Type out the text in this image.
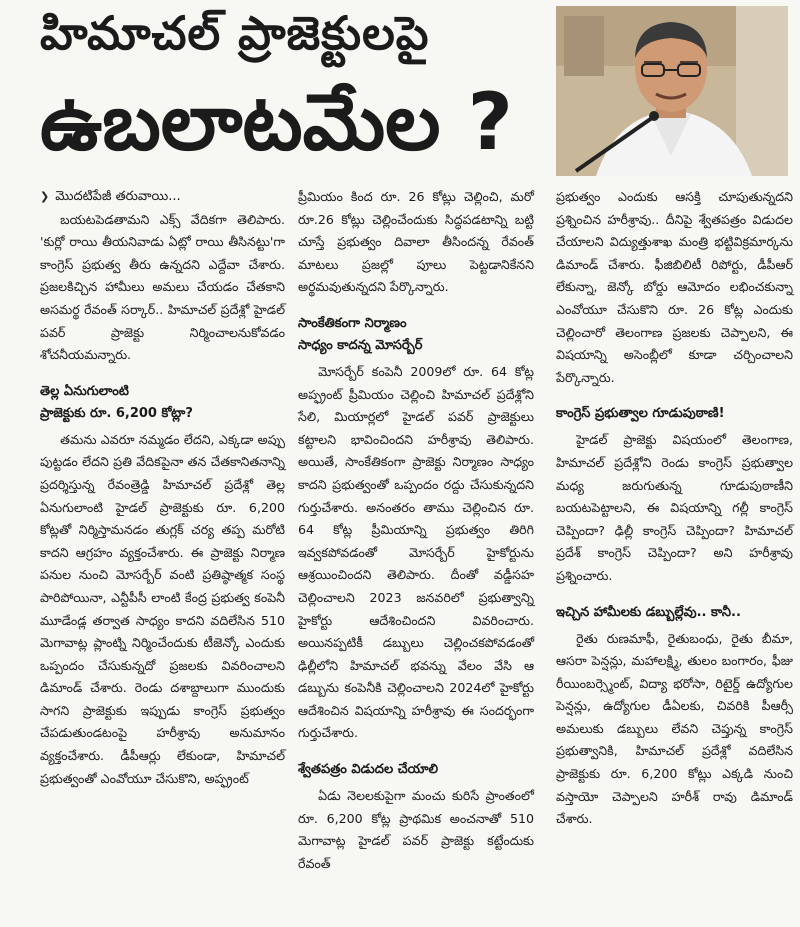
హిమాచల్ ప్రాజెక్టులపై
ఉబలాటమేల ?
❯ మొదటిపేజీ తరువాయి...

బయటపెడతామని ఎక్స్ వేదికగా తెలిపారు. 'కుర్లో రాయి తీయనివాడు ఏట్లో రాయి తీసినట్టు'గా కాంగ్రెస్ ప్రభుత్వ తీరు ఉన్నదని ఎద్దేవా చేశారు. ప్రజలకిచ్చిన హామీలు అమలు చేయడం చేతకాని అసమర్థ రేవంత్ సర్కార్.. హిమాచల్ ప్రదేశ్లో హైడల్ పవర్ ప్రాజెక్టు నిర్మించాలనుకోవడం శోచనీయమన్నారు.

తెల్ల ఏనుగులాంటి
ప్రాజెక్టుకు రూ. 6,200 కోట్లా?

తమను ఎవరూ నమ్మడం లేదని, ఎక్కడా అప్పు పుట్టడం లేదని ప్రతి వేదికపైనా తన చేతకానితనాన్ని ప్రదర్శిస్తున్న రేవంత్రెడ్డి హిమాచల్ ప్రదేశ్లో తెల్ల ఏనుగులాంటి హైడల్ ప్రాజెక్టుకు రూ. 6,200 కోట్లతో నిర్మిస్తామనడం తుగ్లక్ చర్య తప్ప మరోటి కాదని ఆగ్రహం వ్యక్తంచేశారు. ఈ ప్రాజెక్టు నిర్మాణ పనుల నుంచి మోసర్బేర్ వంటి ప్రతిష్ఠాత్మక సంస్థ పారిపోయినా, ఎన్టీపీసీ లాంటి కేంద్ర ప్రభుత్వ కంపెనీ మూడేండ్ల తర్వాత సాధ్యం కాదని వదిలేసిన 510 మెగావాట్ల ప్లాంట్ని నిర్మించేందుకు టీజెన్కో ఎందుకు ఒప్పందం చేసుకున్నదో ప్రజలకు వివరించాలని డిమాండ్ చేశారు. రెండు దశాబ్దాలుగా ముందుకు సాగని ప్రాజెక్టుకు ఇప్పుడు కాంగ్రెస్ ప్రభుత్వం చేపడుతుండటంపై హరీశ్రావు అనుమానం వ్యక్తంచేశారు. డీపీఆర్లు లేకుండా, హిమాచల్ ప్రభుత్వంతో ఎంవోయూ చేసుకొని, అప్ఫ్రంట్

ప్రీమియం కింద రూ. 26 కోట్లు చెల్లించి, మరో రూ.26 కోట్లు చెల్లించేందుకు సిద్ధపడటాన్ని బట్టి చూస్తే ప్రభుత్వం దివాలా తీసిందన్న రేవంత్ మాటలు ప్రజల్లో పూలు పెట్టడానికేనని అర్థమవుతున్నదని పేర్కొన్నారు.

సాంకేతికంగా నిర్మాణం
సాధ్యం కాదన్న మోసర్బేర్

మోసర్బేర్ కంపెనీ 2009లో రూ. 64 కోట్ల అప్ఫ్రంట్ ప్రీమియం చెల్లించి హిమాచల్ ప్రదేశ్లోని సేలి, మియార్లలో హైడల్ పవర్ ప్రాజెక్టులు కట్టాలని భావించిందని హరీశ్రావు తెలిపారు. అయితే, సాంకేతికంగా ప్రాజెక్టు నిర్మాణం సాధ్యం కాదని ప్రభుత్వంతో ఒప్పందం రద్దు చేసుకున్నదని గుర్తుచేశారు. అనంతరం తాము చెల్లించిన రూ. 64 కోట్ల ప్రీమియాన్ని ప్రభుత్వం తిరిగి ఇవ్వకపోవడంతో మోసర్బేర్ హైకోర్టును ఆశ్రయించిందని తెలిపారు. దీంతో వడ్డీసహ చెల్లించాలని 2023 జనవరిలో ప్రభుత్వాన్ని హైకోర్టు ఆదేశించిందని వివరించారు. అయినప్పటికీ డబ్బులు చెల్లించకపోవడంతో ఢిల్లీలోని హిమాచల్ భవన్ను వేలం వేసి ఆ డబ్బును కంపెనీకి చెల్లించాలని 2024లో హైకోర్టు ఆదేశించిన విషయాన్ని హరీశ్రావు ఈ సందర్భంగా గుర్తుచేశారు.

శ్వేతపత్రం విడుదల చేయాలి

ఏడు నెలలకుపైగా మంచు కురిసే ప్రాంతంలో రూ. 6,200 కోట్ల ప్రాథమిక అంచనాతో 510 మెగావాట్ల హైడల్ పవర్ ప్రాజెక్టు కట్టేందుకు రేవంత్

ప్రభుత్వం ఎందుకు ఆసక్తి చూపుతున్నదని ప్రశ్నించిన హరీశ్రావు.. దీనిపై శ్వేతపత్రం విడుదల చేయాలని విద్యుత్తుశాఖ మంత్రి భట్టివిక్రమార్కను డిమాండ్ చేశారు. ఫీజిబిలిటీ రిపోర్టు, డీపీఆర్ లేకున్నా, జెన్కో బోర్డు ఆమోదం లభించకున్నా ఎంవోయూ చేసుకొని రూ. 26 కోట్ల ఎందుకు చెల్లించారో తెలంగాణ ప్రజలకు చెప్పాలని, ఈ విషయాన్ని అసెంబ్లీలో కూడా చర్చించాలని పేర్కొన్నారు.

కాంగ్రెస్ ప్రభుత్వాల గూడుపుఠాణి!

హైడల్ ప్రాజెక్టు విషయంలో తెలంగాణ, హిమాచల్ ప్రదేశ్లోని రెండు కాంగ్రెస్ ప్రభుత్వాల మధ్య జరుగుతున్న గూడుపుఠాణీని బయటపెట్టాలని, ఈ విషయాన్ని గల్లీ కాంగ్రెస్ చెప్పిందా? ఢిల్లీ కాంగ్రెస్ చెప్పిందా? హిమాచల్ ప్రదేశ్ కాంగ్రెస్ చెప్పిందా? అని హరీశ్రావు ప్రశ్నించారు.

ఇచ్చిన హామీలకు డబ్బుల్లేవు.. కానీ..

రైతు రుణమాఫీ, రైతుబంధు, రైతు బీమా, ఆసరా పెన్షన్లు, మహాలక్ష్మి, తులం బంగారం, ఫీజు రీయింబర్స్మెంట్, విద్యా భరోసా, రిటైర్డ్ ఉద్యోగుల పెన్షన్లు, ఉద్యోగుల డీఏలకు, చివరికి పీఆర్సీ అమలుకు డబ్బులు లేవని చెప్తున్న కాంగ్రెస్ ప్రభుత్వానికి, హిమాచల్ ప్రదేశ్లో వదిలేసిన ప్రాజెక్టుకు రూ. 6,200 కోట్లు ఎక్కడి నుంచి వస్తాయో చెప్పాలని హరీశ్ రావు డిమాండ్ చేశారు.
